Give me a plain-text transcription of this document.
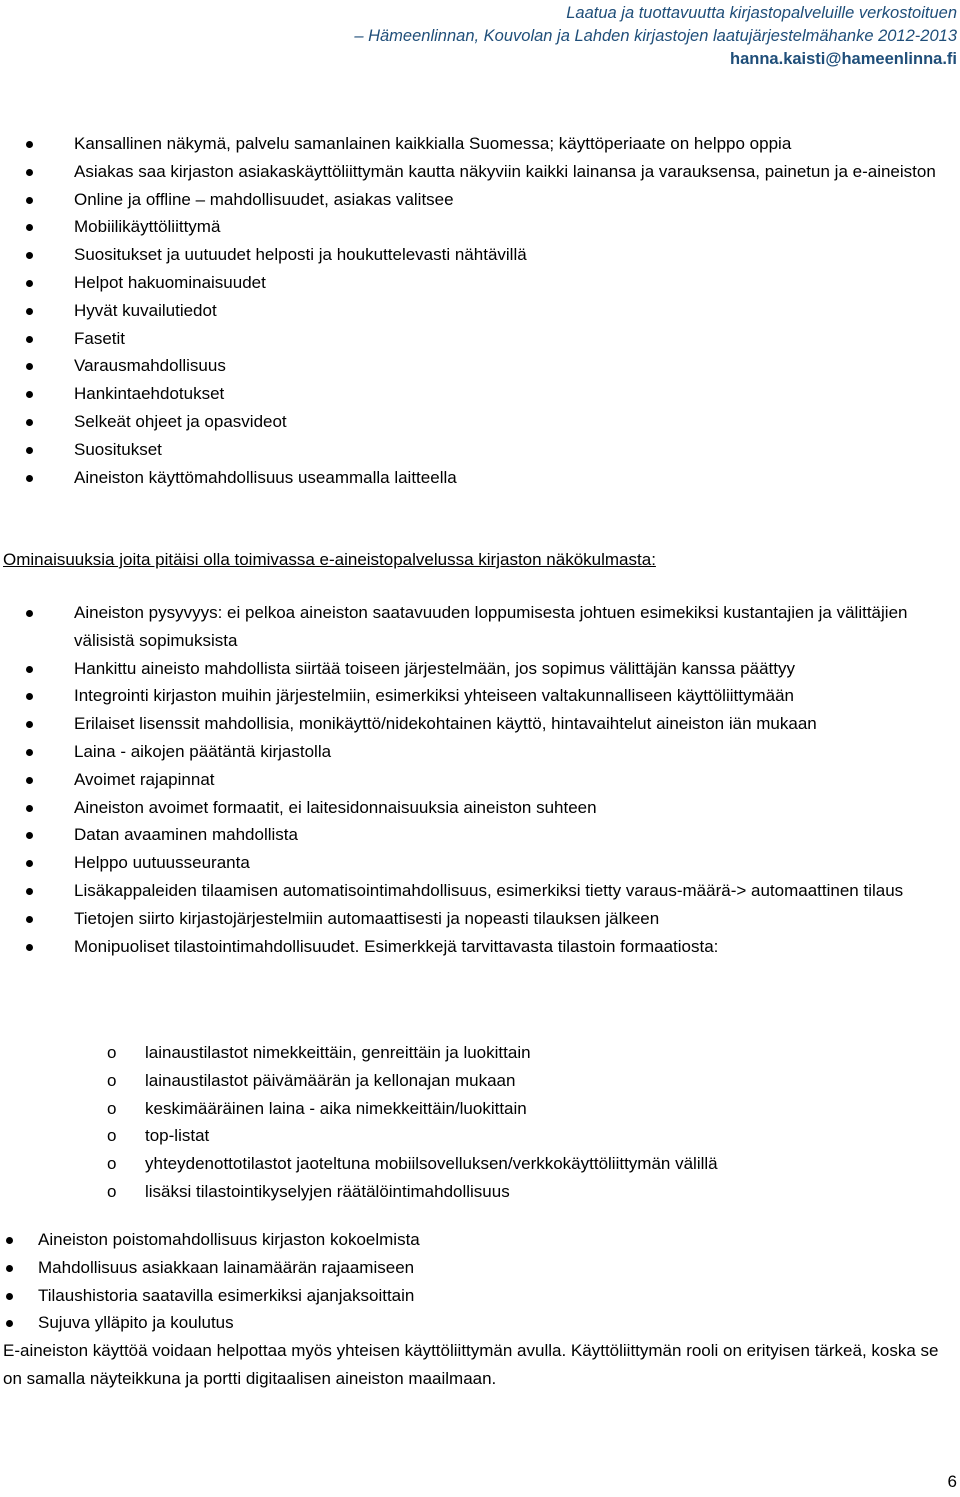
Laatua ja tuottavuutta kirjastopalveluille verkostoituen
– Hämeenlinnan, Kouvolan ja Lahden kirjastojen laatujärjestelmähanke 2012-2013
hanna.kaisti@hameenlinna.fi
Kansallinen näkymä, palvelu samanlainen kaikkialla Suomessa; käyttöperiaate on helppo oppia
Asiakas saa kirjaston asiakaskäyttöliittymän kautta näkyviin kaikki lainansa ja varauksensa, painetun ja e-aineiston
Online ja offline – mahdollisuudet, asiakas valitsee
Mobiilikäyttöliittymä
Suositukset ja uutuudet helposti ja houkuttelevasti nähtävillä
Helpot hakuominaisuudet
Hyvät kuvailutiedot
Fasetit
Varausmahdollisuus
Hankintaehdotukset
Selkeät ohjeet ja opasvideot
Suositukset
Aineiston käyttömahdollisuus useammalla laitteella
Ominaisuuksia joita pitäisi olla toimivassa e-aineistopalvelussa kirjaston näkökulmasta:
Aineiston pysyvyys: ei pelkoa aineiston saatavuuden loppumisesta johtuen esimekiksi kustantajien ja välittäjien välisistä sopimuksista
Hankittu aineisto mahdollista siirtää toiseen järjestelmään, jos sopimus välittäjän kanssa päättyy
Integrointi kirjaston muihin järjestelmiin, esimerkiksi yhteiseen valtakunnalliseen käyttöliittymään
Erilaiset lisenssit mahdollisia, monikäyttö/nidekohtainen käyttö, hintavaihtelut aineiston iän mukaan
Laina - aikojen päätäntä kirjastolla
Avoimet rajapinnat
Aineiston avoimet formaatit, ei laitesidonnaisuuksia aineiston suhteen
Datan avaaminen mahdollista
Helppo uutuusseuranta
Lisäkappaleiden tilaamisen automatisointimahdollisuus, esimerkiksi tietty varaus-määrä-> automaattinen tilaus
Tietojen siirto kirjastojärjestelmiin automaattisesti ja nopeasti tilauksen jälkeen
Monipuoliset tilastointimahdollisuudet. Esimerkkejä tarvittavasta tilastoin formaatiosta:
o lainaustilastot nimekkeittäin, genreittäin ja luokittain
o lainaustilastot päivämäärän ja kellonajan mukaan
o keskimääräinen laina - aika nimekkeittäin/luokittain
o top-listat
o yhteydenottotilastot jaoteltuna mobiilsovelluksen/verkkokäyttöliittymän välillä
o lisäksi tilastointikyselyjen räätälöintimahdollisuus
Aineiston poistomahdollisuus kirjaston kokoelmista
Mahdollisuus asiakkaan lainamäärän rajaamiseen
Tilaushistoria saatavilla esimerkiksi ajanjaksoittain
Sujuva ylläpito ja koulutus

E-aineiston käyttöä voidaan helpottaa myös yhteisen käyttöliittymän avulla. Käyttöliittymän rooli on erityisen tärkeä, koska se on samalla näyteikkuna ja portti digitaalisen aineiston maailmaan.

6
